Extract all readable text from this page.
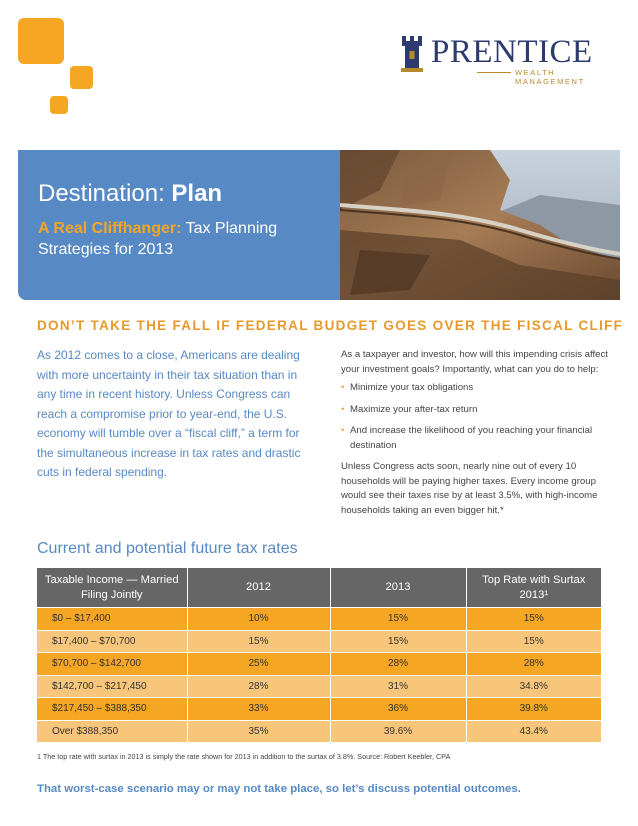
PRENTICE
WEALTH MANAGEMENT
Destination: Plan
A Real Cliffhanger: Tax Planning Strategies for 2013
DON’T TAKE THE FALL IF FEDERAL BUDGET GOES OVER THE FISCAL CLIFF
As 2012 comes to a close, Americans are dealing with more uncertainty in their tax situation than in any time in recent history. Unless Congress can reach a compromise prior to year-end, the U.S. economy will tumble over a “fiscal cliff,” a term for the simultaneous increase in tax rates and drastic cuts in federal spending.

As a taxpayer and investor, how will this impending crisis affect your investment goals? Importantly, what can you do to help:

• Minimize your tax obligations
• Maximize your after-tax return
• And increase the likelihood of you reaching your financial destination

Unless Congress acts soon, nearly nine out of every 10 households will be paying higher taxes. Every income group would see their taxes rise by at least 3.5%, with high-income households taking an even bigger hit.*

Current and potential future tax rates
Taxable Income — Married Filing Jointly	2012	2013	Top Rate with Surtax 2013¹
$0 – $17,400	10%	15%	15%
$17,400 – $70,700	15%	15%	15%
$70,700 – $142,700	25%	28%	28%
$142,700 – $217,450	28%	31%	34.8%
$217,450 – $388,350	33%	36%	39.8%
Over $388,350	35%	39.6%	43.4%
1 The top rate with surtax in 2013 is simply the rate shown for 2013 in addition to the surtax of 3.8%. Source: Robert Keebler, CPA
That worst-case scenario may or may not take place, so let’s discuss potential outcomes.
